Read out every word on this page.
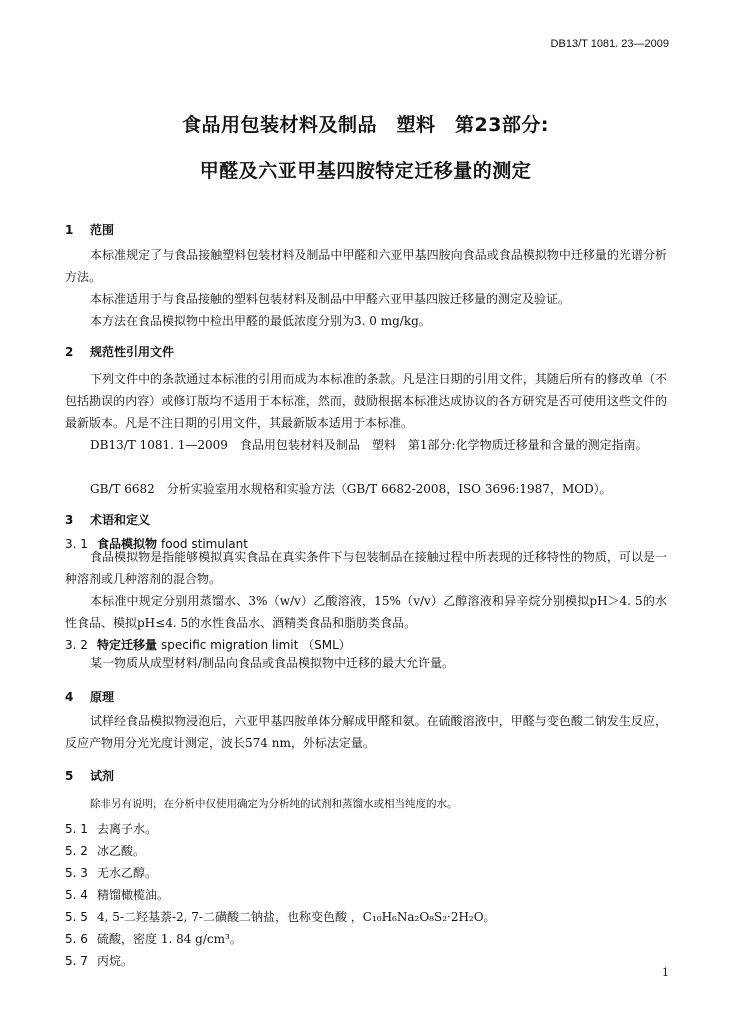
DB13/T 1081. 23—2009
食品用包装材料及制品　塑料　第23部分:
甲醛及六亚甲基四胺特定迁移量的测定
1 范围

本标准规定了与食品接触塑料包装材料及制品中甲醛和六亚甲基四胺向食品或食品模拟物中迁移量的光谱分析方法。

本标准适用于与食品接触的塑料包装材料及制品中甲醛六亚甲基四胺迁移量的测定及验证。

本方法在食品模拟物中检出甲醛的最低浓度分别为3. 0 mg/kg。

2 规范性引用文件

下列文件中的条款通过本标准的引用而成为本标准的条款。凡是注日期的引用文件，其随后所有的修改单（不包括勘误的内容）或修订版均不适用于本标准，然而，鼓励根据本标准达成协议的各方研究是否可使用这些文件的最新版本。凡是不注日期的引用文件，其最新版本适用于本标准。

DB13/T 1081. 1—2009　食品用包装材料及制品　塑料　第1部分:化学物质迁移量和含量的测定指南。

GB/T 6682　分析实验室用水规格和实验方法（GB/T 6682-2008，ISO 3696:1987，MOD）。

3 术语和定义
3. 1 食品模拟物 food stimulant

食品模拟物是指能够模拟真实食品在真实条件下与包装制品在接触过程中所表现的迁移特性的物质，可以是一种溶剂或几种溶剂的混合物。

本标准中规定分别用蒸馏水、3%（w/v）乙酸溶液，15%（v/v）乙醇溶液和异辛烷分别模拟pH＞4. 5的水性食品、模拟pH≤4. 5的水性食品水、酒精类食品和脂肪类食品。

3. 2 特定迁移量 specific migration limit （SML）

某一物质从成型材料/制品向食品或食品模拟物中迁移的最大允许量。

4 原理

试样经食品模拟物浸泡后，六亚甲基四胺单体分解成甲醛和氨。在硫酸溶液中，甲醛与变色酸二钠发生反应，反应产物用分光光度计测定，波长574 nm，外标法定量。

5 试剂
除非另有说明，在分析中仅使用确定为分析纯的试剂和蒸馏水或相当纯度的水。
5. 1 去离子水。
5. 2 冰乙酸。
5. 3 无水乙醇。
5. 4 精馏橄榄油。
5. 5 4, 5-二羟基萘-2, 7-二磺酸二钠盐，也称变色酸 ，C₁₀H₆Na₂O₈S₂·2H₂O。
5. 6 硫酸，密度 1. 84 g/cm³。
5. 7 丙烷。
1
